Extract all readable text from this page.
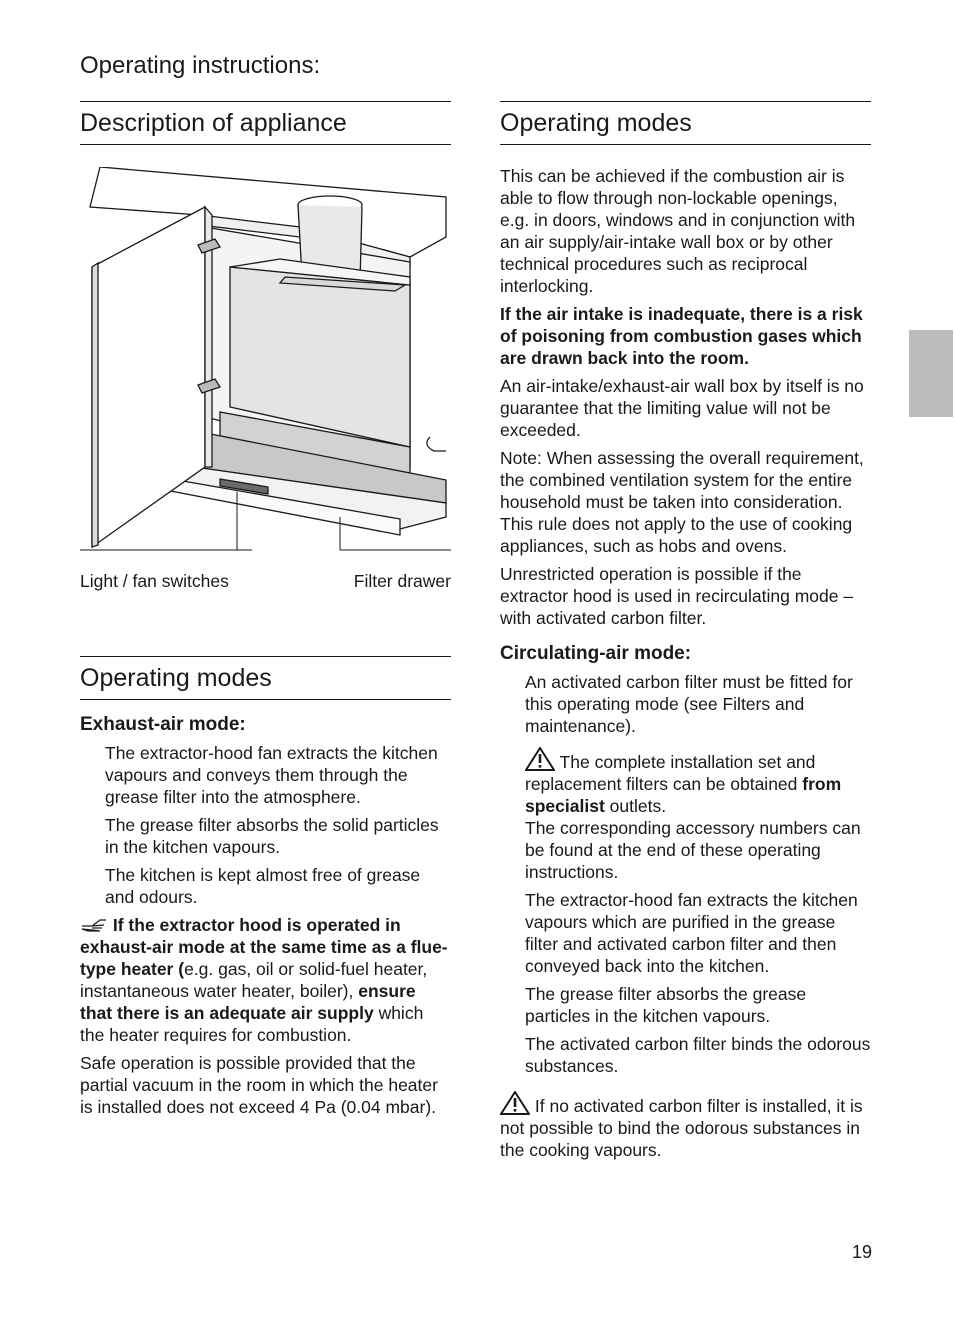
Operating instructions:
Description of appliance
Light / fan switches	Filter drawer
Operating modes
Exhaust-air mode:

The extractor-hood fan extracts the kitchen vapours and conveys them through the grease filter into the atmosphere.

The grease filter absorbs the solid particles in the kitchen vapours.

The kitchen is kept almost free of grease and odours.

If the extractor hood is operated in exhaust-air mode at the same time as a flue-type heater (e.g. gas, oil or solid-fuel heater, instantaneous water heater, boiler), ensure that there is an adequate air supply which the heater requires for combustion.

Safe operation is possible provided that the partial vacuum in the room in which the heater is installed does not exceed 4 Pa (0.04 mbar).

Operating modes

This can be achieved if the combustion air is able to flow through non-lockable openings, e.g. in doors, windows and in conjunction with an air supply/air-intake wall box or by other technical procedures such as reciprocal interlocking.

If the air intake is inadequate, there is a risk of poisoning from combustion gases which are drawn back into the room.

An air-intake/exhaust-air wall box by itself is no guarantee that the limiting value will not be exceeded.

Note: When assessing the overall requirement, the combined ventilation system for the entire household must be taken into consideration. This rule does not apply to the use of cooking appliances, such as hobs and ovens.

Unrestricted operation is possible if the extractor hood is used in recirculating mode – with activated carbon filter.

Circulating-air mode:

An activated carbon filter must be fitted for this operating mode (see Filters and maintenance).

The complete installation set and replacement filters can be obtained from specialist outlets.

The corresponding accessory numbers can be found at the end of these operating instructions.

The extractor-hood fan extracts the kitchen vapours which are purified in the grease filter and activated carbon filter and then conveyed back into the kitchen.

The grease filter absorbs the grease particles in the kitchen vapours.

The activated carbon filter binds the odorous substances.

If no activated carbon filter is installed, it is not possible to bind the odorous substances in the cooking vapours.

19
